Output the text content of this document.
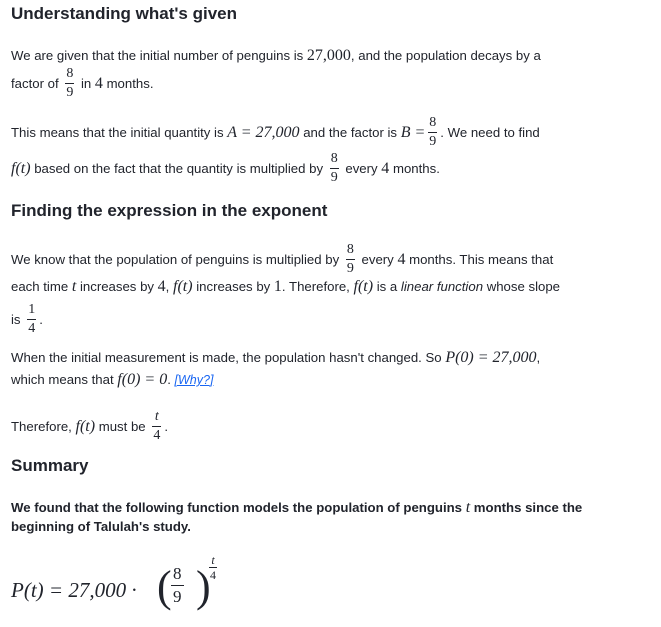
Understanding what's given
We are given that the initial number of penguins is 27,000, and the population decays by a
factor of $\frac{8}{9}$ in 4 months.
This means that the initial quantity is A = 27,000 and the factor is $B = \frac{8}{9}$ . We need to find
f(t) based on the fact that the quantity is multiplied by $\frac{8}{9}$ every 4 months.
Finding the expression in the exponent
We know that the population of penguins is multiplied by $\frac{8}{9}$ every 4 months. This means that
each time t increases by 4, f(t) increases by 1. Therefore, f(t) is a linear function whose slope
is $\frac{1}{4}$ .
When the initial measurement is made, the population hasn't changed. So P(0) = 27,000,
which means that f(0) = 0. [Why?]
Therefore, f(t) must be $\frac{t}{4}$ .
Summary
We found that the following function models the population of penguins t months since the
beginning of Talulah's study.
P(t) = 27,000 · ( $\frac{8}{9}$ )
$\frac{t}{4}$
